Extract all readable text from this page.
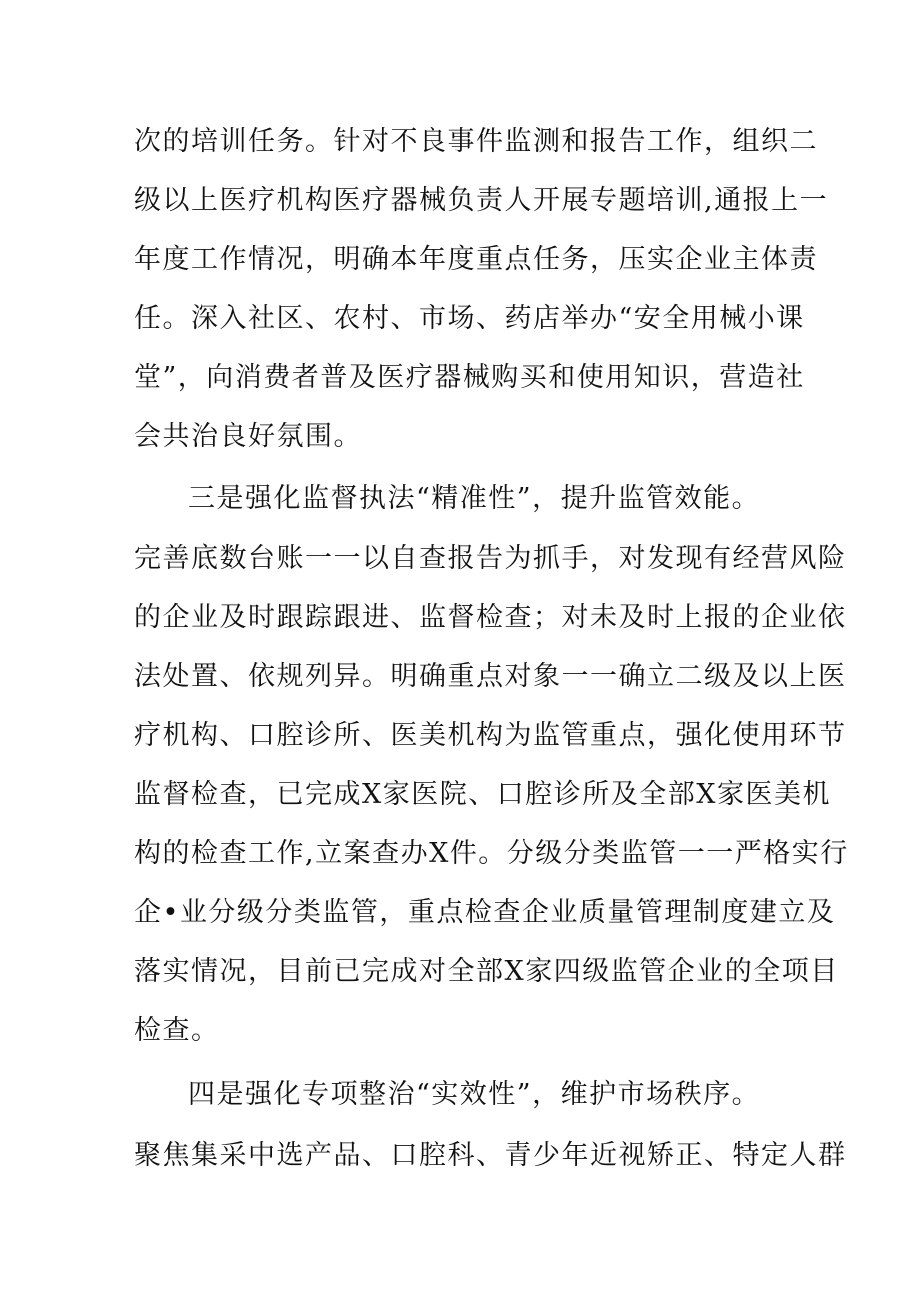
次的培训任务。针对不良事件监测和报告工作，组织二
级以上医疗机构医疗器械负责人开展专题培训,通报上一
年度工作情况，明确本年度重点任务，压实企业主体责
任。深入社区、农村、市场、药店举办“安全用械小课
堂”，向消费者普及医疗器械购买和使用知识，营造社
会共治良好氛围。
三是强化监督执法“精准性”，提升监管效能。
完善底数台账一一以自查报告为抓手，对发现有经营风险
的企业及时跟踪跟进、监督检查；对未及时上报的企业依
法处置、依规列异。明确重点对象一一确立二级及以上医
疗机构、口腔诊所、医美机构为监管重点，强化使用环节
监督检查，已完成X家医院、口腔诊所及全部X家医美机
构的检查工作,立案查办X件。分级分类监管一一严格实行
企•业分级分类监管，重点检查企业质量管理制度建立及
落实情况，目前已完成对全部X家四级监管企业的全项目
检查。
四是强化专项整治“实效性”，维护市场秩序。
聚焦集采中选产品、口腔科、青少年近视矫正、特定人群
